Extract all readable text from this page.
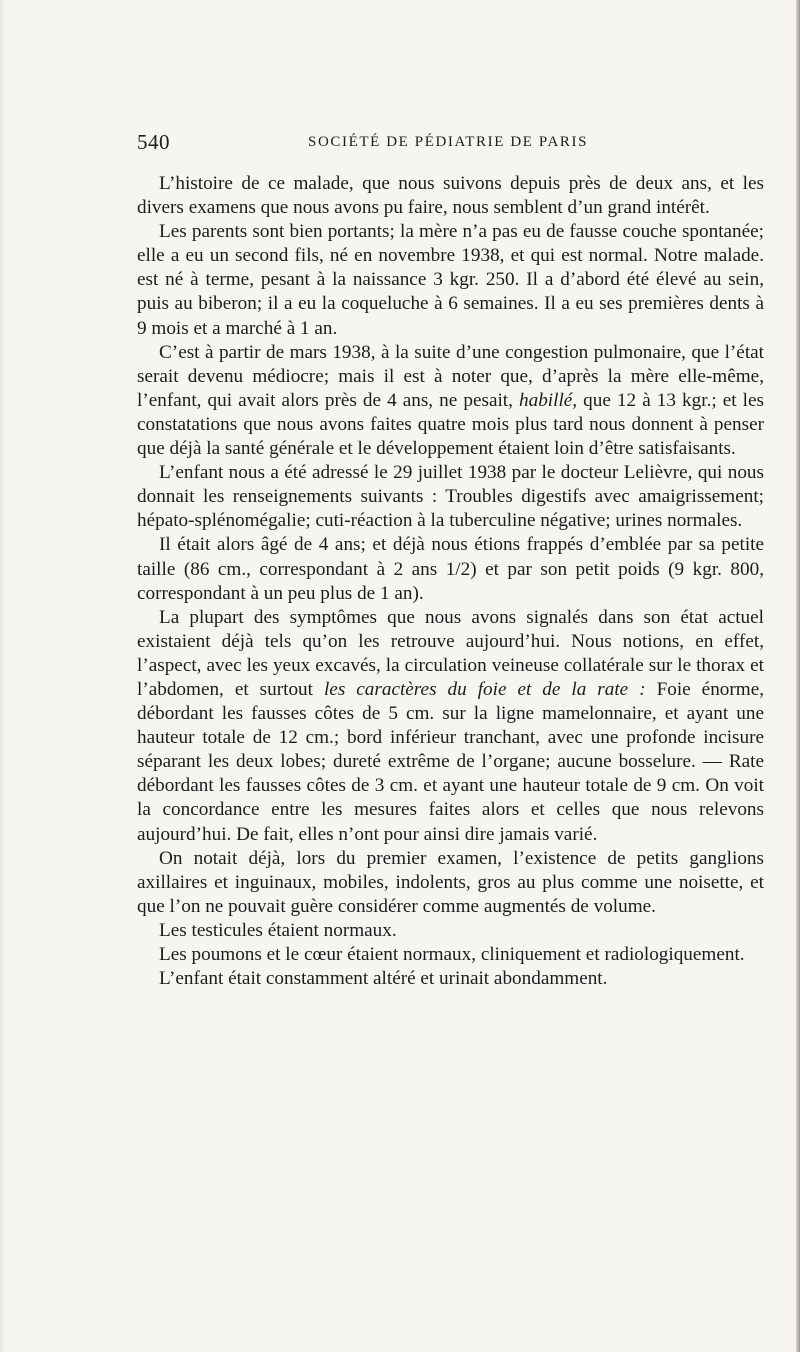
540	SOCIÉTÉ DE PÉDIATRIE DE PARIS

L’histoire de ce malade, que nous suivons depuis près de deux ans, et les divers examens que nous avons pu faire, nous semblent d’un grand intérêt.

Les parents sont bien portants; la mère n’a pas eu de fausse couche spontanée; elle a eu un second fils, né en novembre 1938, et qui est normal. Notre malade. est né à terme, pesant à la naissance 3 kgr. 250. Il a d’abord été élevé au sein, puis au biberon; il a eu la coqueluche à 6 semaines. Il a eu ses premières dents à 9 mois et a marché à 1 an.

C’est à partir de mars 1938, à la suite d’une congestion pulmonaire, que l’état serait devenu médiocre; mais il est à noter que, d’après la mère elle-même, l’enfant, qui avait alors près de 4 ans, ne pesait, habillé, que 12 à 13 kgr.; et les constatations que nous avons faites quatre mois plus tard nous donnent à penser que déjà la santé générale et le développement étaient loin d’être satisfaisants.

L’enfant nous a été adressé le 29 juillet 1938 par le docteur Lelièvre, qui nous donnait les renseignements suivants : Troubles digestifs avec amaigrissement; hépato-splénomégalie; cuti-réaction à la tuberculine négative; urines normales.

Il était alors âgé de 4 ans; et déjà nous étions frappés d’emblée par sa petite taille (86 cm., correspondant à 2 ans 1/2) et par son petit poids (9 kgr. 800, correspondant à un peu plus de 1 an).

La plupart des symptômes que nous avons signalés dans son état actuel existaient déjà tels qu’on les retrouve aujourd’hui. Nous notions, en effet, l’aspect, avec les yeux excavés, la circulation veineuse collatérale sur le thorax et l’abdomen, et surtout les caractères du foie et de la rate : Foie énorme, débordant les fausses côtes de 5 cm. sur la ligne mamelonnaire, et ayant une hauteur totale de 12 cm.; bord inférieur tranchant, avec une profonde incisure séparant les deux lobes; dureté extrême de l’organe; aucune bosselure. — Rate débordant les fausses côtes de 3 cm. et ayant une hauteur totale de 9 cm. On voit la concordance entre les mesures faites alors et celles que nous relevons aujourd’hui. De fait, elles n’ont pour ainsi dire jamais varié.

On notait déjà, lors du premier examen, l’existence de petits ganglions axillaires et inguinaux, mobiles, indolents, gros au plus comme une noisette, et que l’on ne pouvait guère considérer comme augmentés de volume.

Les testicules étaient normaux.

Les poumons et le cœur étaient normaux, cliniquement et radiologiquement.

L’enfant était constamment altéré et urinait abondamment.
